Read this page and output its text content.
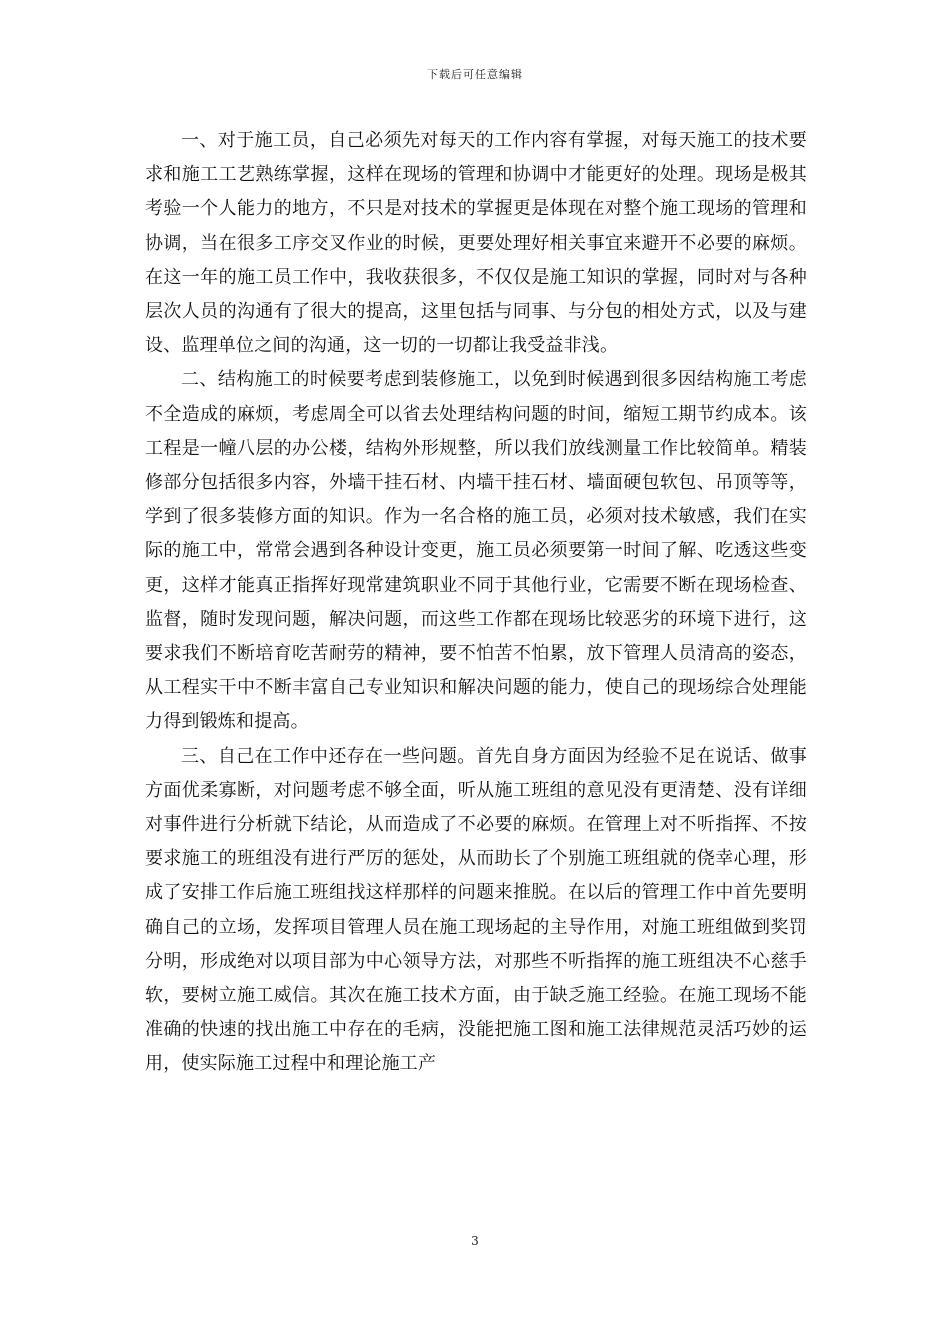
下载后可任意编辑

一、对于施工员，自己必须先对每天的工作内容有掌握，对每天施工的技术要求和施工工艺熟练掌握，这样在现场的管理和协调中才能更好的处理。现场是极其考验一个人能力的地方，不只是对技术的掌握更是体现在对整个施工现场的管理和协调，当在很多工序交叉作业的时候，更要处理好相关事宜来避开不必要的麻烦。在这一年的施工员工作中，我收获很多，不仅仅是施工知识的掌握，同时对与各种层次人员的沟通有了很大的提高，这里包括与同事、与分包的相处方式，以及与建设、监理单位之间的沟通，这一切的一切都让我受益非浅。

二、结构施工的时候要考虑到装修施工，以免到时候遇到很多因结构施工考虑不全造成的麻烦，考虑周全可以省去处理结构问题的时间，缩短工期节约成本。该工程是一幢八层的办公楼，结构外形规整，所以我们放线测量工作比较简单。精装修部分包括很多内容，外墙干挂石材、内墙干挂石材、墙面硬包软包、吊顶等等，学到了很多装修方面的知识。作为一名合格的施工员，必须对技术敏感，我们在实际的施工中，常常会遇到各种设计变更，施工员必须要第一时间了解、吃透这些变更，这样才能真正指挥好现常建筑职业不同于其他行业，它需要不断在现场检查、监督，随时发现问题，解决问题，而这些工作都在现场比较恶劣的环境下进行，这要求我们不断培育吃苦耐劳的精神，要不怕苦不怕累，放下管理人员清高的姿态，从工程实干中不断丰富自己专业知识和解决问题的能力，使自己的现场综合处理能力得到锻炼和提高。

三、自己在工作中还存在一些问题。首先自身方面因为经验不足在说话、做事方面优柔寡断，对问题考虑不够全面，听从施工班组的意见没有更清楚、没有详细对事件进行分析就下结论，从而造成了不必要的麻烦。在管理上对不听指挥、不按要求施工的班组没有进行严厉的惩处，从而助长了个别施工班组就的侥幸心理，形成了安排工作后施工班组找这样那样的问题来推脱。在以后的管理工作中首先要明确自己的立场，发挥项目管理人员在施工现场起的主导作用，对施工班组做到奖罚分明，形成绝对以项目部为中心领导方法，对那些不听指挥的施工班组决不心慈手软，要树立施工威信。其次在施工技术方面，由于缺乏施工经验。在施工现场不能准确的快速的找出施工中存在的毛病，没能把施工图和施工法律规范灵活巧妙的运用，使实际施工过程中和理论施工产

3
